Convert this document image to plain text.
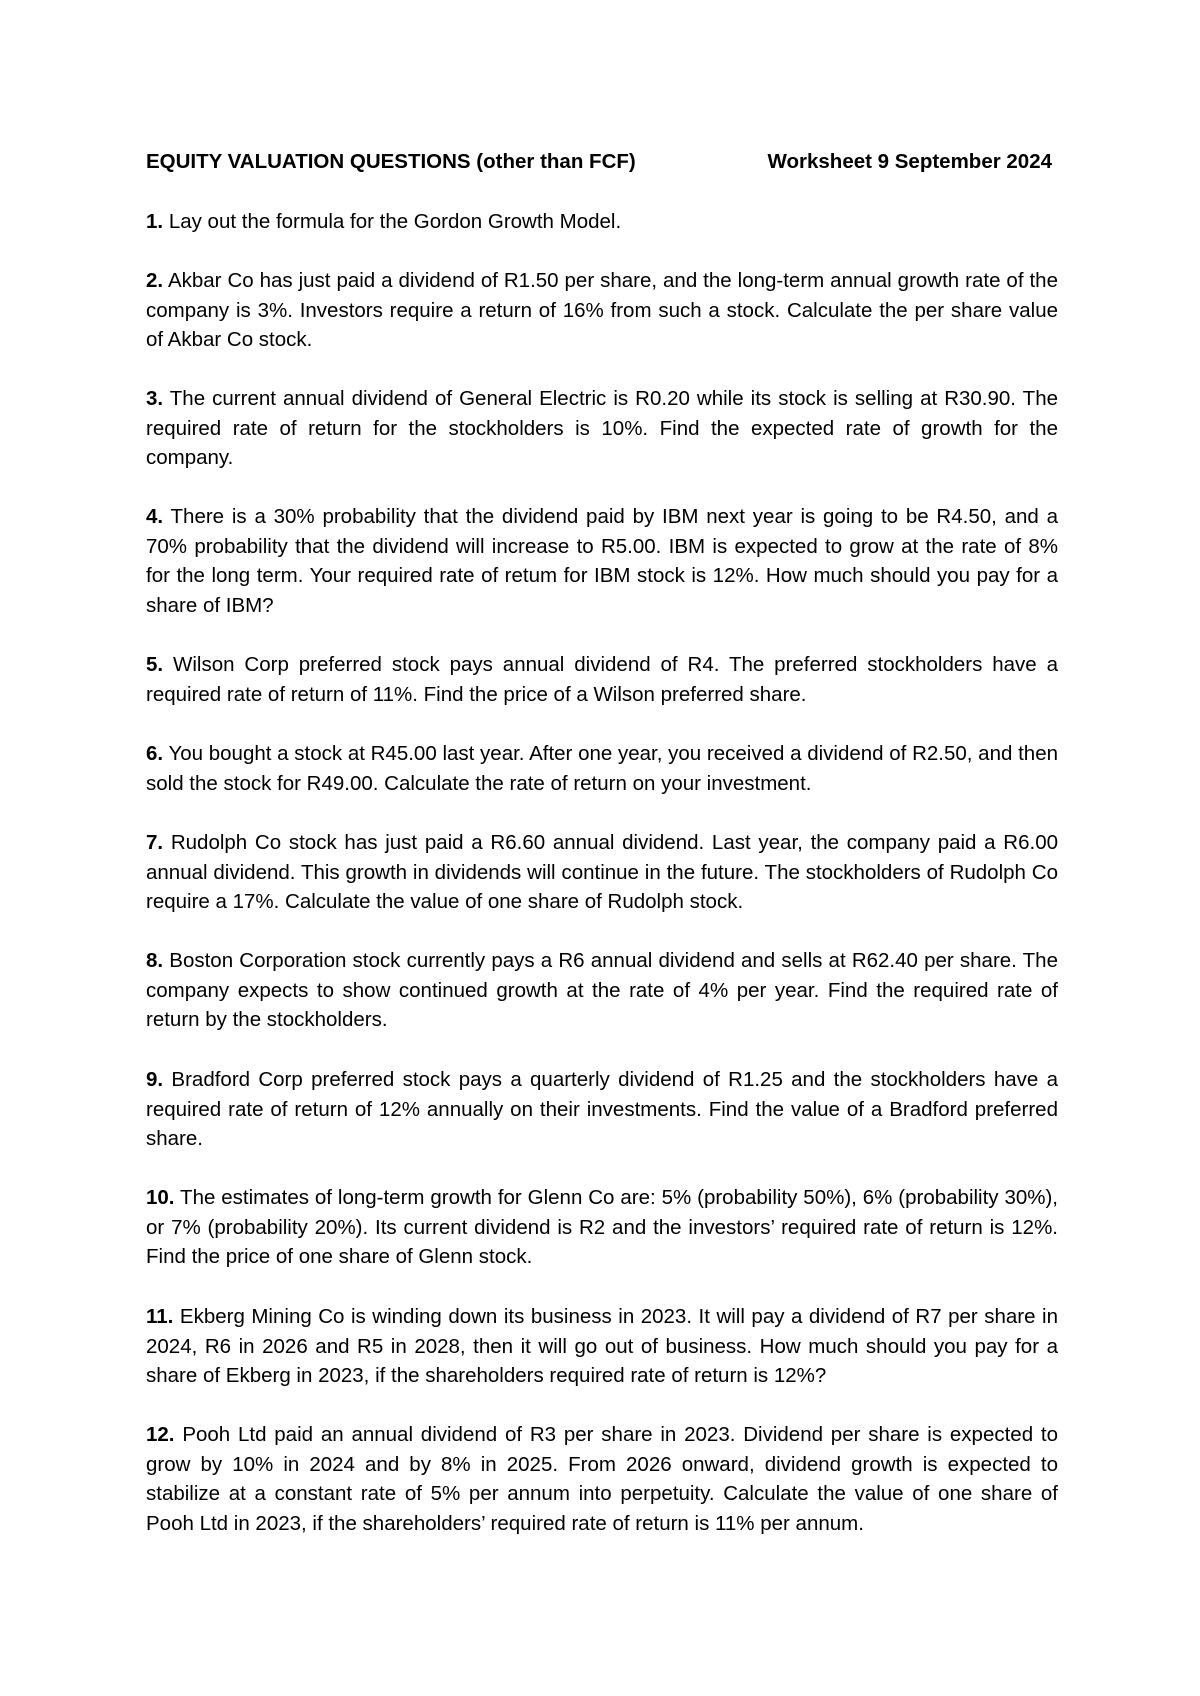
EQUITY VALUATION QUESTIONS (other than FCF)	Worksheet 9 September 2024

1. Lay out the formula for the Gordon Growth Model.

2. Akbar Co has just paid a dividend of R1.50 per share, and the long-term annual growth rate of the company is 3%. Investors require a return of 16% from such a stock. Calculate the per share value of Akbar Co stock.

3. The current annual dividend of General Electric is R0.20 while its stock is selling at R30.90. The required rate of return for the stockholders is 10%. Find the expected rate of growth for the company.

4. There is a 30% probability that the dividend paid by IBM next year is going to be R4.50, and a 70% probability that the dividend will increase to R5.00. IBM is expected to grow at the rate of 8% for the long term. Your required rate of retum for IBM stock is 12%. How much should you pay for a share of IBM?

5. Wilson Corp preferred stock pays annual dividend of R4. The preferred stockholders have a required rate of return of 11%. Find the price of a Wilson preferred share.

6. You bought a stock at R45.00 last year. After one year, you received a dividend of R2.50, and then sold the stock for R49.00. Calculate the rate of return on your investment.

7. Rudolph Co stock has just paid a R6.60 annual dividend. Last year, the company paid a R6.00 annual dividend. This growth in dividends will continue in the future. The stockholders of Rudolph Co require a 17%. Calculate the value of one share of Rudolph stock.

8. Boston Corporation stock currently pays a R6 annual dividend and sells at R62.40 per share. The company expects to show continued growth at the rate of 4% per year. Find the required rate of return by the stockholders.

9. Bradford Corp preferred stock pays a quarterly dividend of R1.25 and the stockholders have a required rate of return of 12% annually on their investments. Find the value of a Bradford preferred share.

10. The estimates of long-term growth for Glenn Co are: 5% (probability 50%), 6% (probability 30%), or 7% (probability 20%). Its current dividend is R2 and the investors’ required rate of return is 12%. Find the price of one share of Glenn stock.

11. Ekberg Mining Co is winding down its business in 2023. It will pay a dividend of R7 per share in 2024, R6 in 2026 and R5 in 2028, then it will go out of business. How much should you pay for a share of Ekberg in 2023, if the shareholders required rate of return is 12%?

12. Pooh Ltd paid an annual dividend of R3 per share in 2023. Dividend per share is expected to grow by 10% in 2024 and by 8% in 2025. From 2026 onward, dividend growth is expected to stabilize at a constant rate of 5% per annum into perpetuity. Calculate the value of one share of Pooh Ltd in 2023, if the shareholders’ required rate of return is 11% per annum.
